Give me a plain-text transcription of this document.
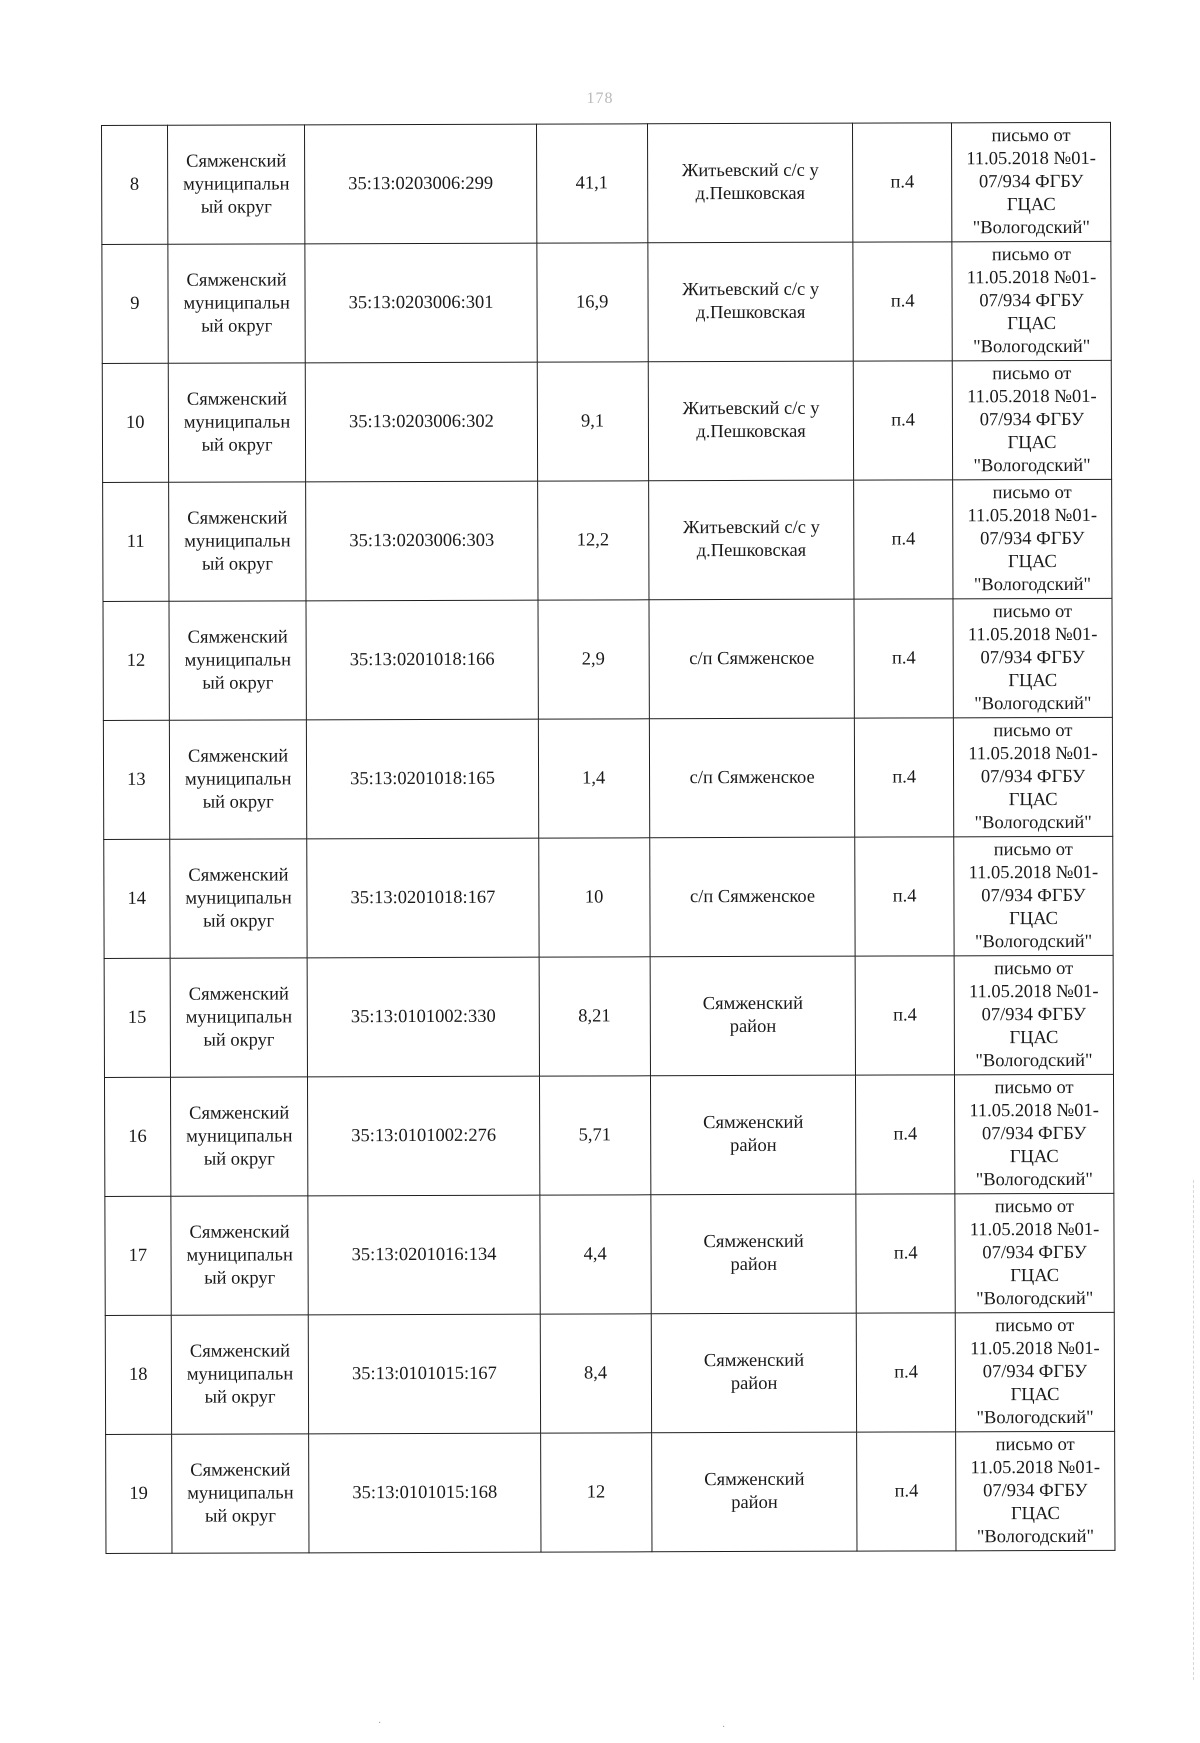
178
8	Сямженский
муниципальн
ый округ	35:13:0203006:299	41,1	Житьевский с/с у
д.Пешковская	п.4	письмо от
11.05.2018 №01-
07/934 ФГБУ
ГЦАС
"Вологодский"

9	Сямженский
муниципальн
ый округ	35:13:0203006:301	16,9	Житьевский с/с у
д.Пешковская	п.4	письмо от
11.05.2018 №01-
07/934 ФГБУ
ГЦАС
"Вологодский"

10	Сямженский
муниципальн
ый округ	35:13:0203006:302	9,1	Житьевский с/с у
д.Пешковская	п.4	письмо от
11.05.2018 №01-
07/934 ФГБУ
ГЦАС
"Вологодский"

11	Сямженский
муниципальн
ый округ	35:13:0203006:303	12,2	Житьевский с/с у
д.Пешковская	п.4	письмо от
11.05.2018 №01-
07/934 ФГБУ
ГЦАС
"Вологодский"

12	Сямженский
муниципальн
ый округ	35:13:0201018:166	2,9	с/п Сямженское	п.4	письмо от
11.05.2018 №01-
07/934 ФГБУ
ГЦАС
"Вологодский"

13	Сямженский
муниципальн
ый округ	35:13:0201018:165	1,4	с/п Сямженское	п.4	письмо от
11.05.2018 №01-
07/934 ФГБУ
ГЦАС
"Вологодский"

14	Сямженский
муниципальн
ый округ	35:13:0201018:167	10	с/п Сямженское	п.4	письмо от
11.05.2018 №01-
07/934 ФГБУ
ГЦАС
"Вологодский"

15	Сямженский
муниципальн
ый округ	35:13:0101002:330	8,21	Сямженский
район	п.4	письмо от
11.05.2018 №01-
07/934 ФГБУ
ГЦАС
"Вологодский"

16	Сямженский
муниципальн
ый округ	35:13:0101002:276	5,71	Сямженский
район	п.4	письмо от
11.05.2018 №01-
07/934 ФГБУ
ГЦАС
"Вологодский"

17	Сямженский
муниципальн
ый округ	35:13:0201016:134	4,4	Сямженский
район	п.4	письмо от
11.05.2018 №01-
07/934 ФГБУ
ГЦАС
"Вологодский"

18	Сямженский
муниципальн
ый округ	35:13:0101015:167	8,4	Сямженский
район	п.4	письмо от
11.05.2018 №01-
07/934 ФГБУ
ГЦАС
"Вологодский"

19	Сямженский
муниципальн
ый округ	35:13:0101015:168	12	Сямженский
район	п.4	письмо от
11.05.2018 №01-
07/934 ФГБУ
ГЦАС
"Вологодский"
·	·
